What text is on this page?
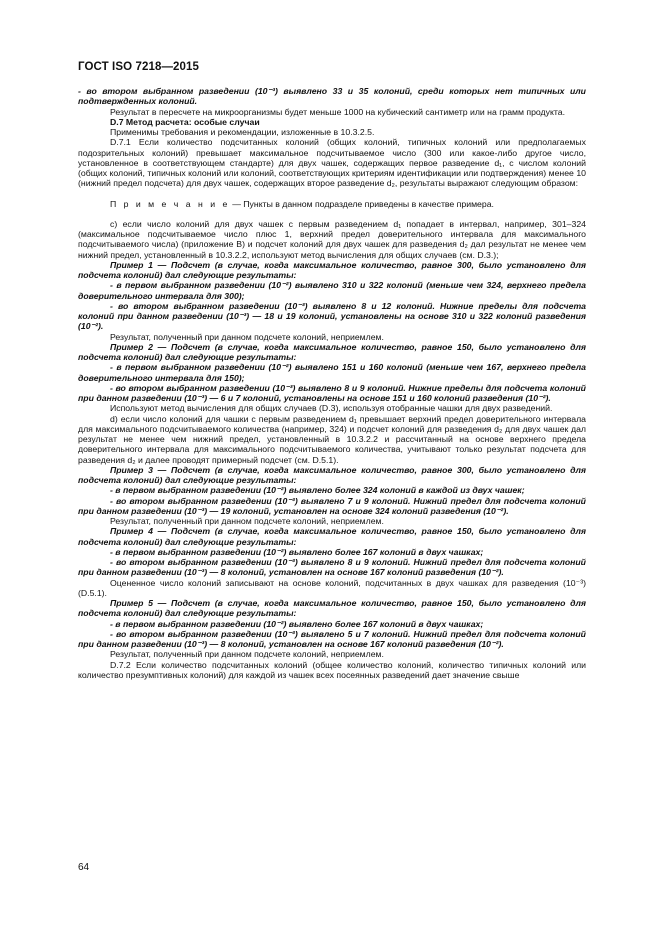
ГОСТ ISO 7218—2015

- во втором выбранном разведении (10⁻³) выявлено 33 и 35 колоний, среди которых нет типичных или подтвержденных колоний.

Результат в пересчете на микроорганизмы будет меньше 1000 на кубический сантиметр или на грамм продукта.

D.7 Метод расчета: особые случаи

Применимы требования и рекомендации, изложенные в 10.3.2.5.

D.7.1 Если количество подсчитанных колоний (общих колоний, типичных колоний или предполагаемых подозрительных колоний) превышает максимальное подсчитываемое число (300 или какое-либо другое число, установленное в соответствующем стандарте) для двух чашек, содержащих первое разведение d₁, с числом колоний (общих колоний, типичных колоний или колоний, соответствующих критериям идентификации или подтверждения) менее 10 (нижний предел подсчета) для двух чашек, содержащих второе разведение d₂, результаты выражают следующим образом:

П р и м е ч а н и е — Пункты в данном подразделе приведены в качестве примера.

c) если число колоний для двух чашек с первым разведением d₁ попадает в интервал, например, 301–324 (максимальное подсчитываемое число плюс 1, верхний предел доверительного интервала для максимального подсчитываемого числа) (приложение В) и подсчет колоний для двух чашек для разведения d₂ дал результат не менее чем нижний предел, установленный в 10.3.2.2, используют метод вычисления для общих случаев (см. D.3.);

Пример 1 — Подсчет (в случае, когда максимальное количество, равное 300, было установлено для подсчета колоний) дал следующие результаты:

- в первом выбранном разведении (10⁻²) выявлено 310 и 322 колоний (меньше чем 324, верхнего предела доверительного интервала для 300);

- во втором выбранном разведении (10⁻³) выявлено 8 и 12 колоний. Нижние пределы для подсчета колоний при данном разведении (10⁻³) — 18 и 19 колоний, установлены на основе 310 и 322 колоний разведения (10⁻²).

Результат, полученный при данном подсчете колоний, неприемлем.

Пример 2 — Подсчет (в случае, когда максимальное количество, равное 150, было установлено для подсчета колоний) дал следующие результаты:

- в первом выбранном разведении (10⁻²) выявлено 151 и 160 колоний (меньше чем 167, верхнего предела доверительного интервала для 150);

- во втором выбранном разведении (10⁻³) выявлено 8 и 9 колоний. Нижние пределы для подсчета колоний при данном разведении (10⁻³) — 6 и 7 колоний, установлены на основе 151 и 160 колоний разведения (10⁻²).

Используют метод вычисления для общих случаев (D.3), используя отобранные чашки для двух разведений.

d) если число колоний для чашки с первым разведением d₁ превышает верхний предел доверительного интервала для максимального подсчитываемого количества (например, 324) и подсчет колоний для разведения d₂ для двух чашек дал результат не менее чем нижний предел, установленный в 10.3.2.2 и рассчитанный на основе верхнего предела доверительного интервала для максимального подсчитываемого количества, учитывают только результат подсчета для разведения d₂ и далее проводят примерный подсчет (см. D.5.1).

Пример 3 — Подсчет (в случае, когда максимальное количество, равное 300, было установлено для подсчета колоний) дал следующие результаты:

- в первом выбранном разведении (10⁻²) выявлено более 324 колоний в каждой из двух чашек;

- во втором выбранном разведении (10⁻³) выявлено 7 и 9 колоний. Нижний предел для подсчета колоний при данном разведении (10⁻³) — 19 колоний, установлен на основе 324 колоний разведения (10⁻²).

Результат, полученный при данном подсчете колоний, неприемлем.

Пример 4 — Подсчет (в случае, когда максимальное количество, равное 150, было установлено для подсчета колоний) дал следующие результаты:

- в первом выбранном разведении (10⁻²) выявлено более 167 колоний в двух чашках;

- во втором выбранном разведении (10⁻³) выявлено 8 и 9 колоний. Нижний предел для подсчета колоний при данном разведении (10⁻³) — 8 колоний, установлен на основе 167 колоний разведения (10⁻²).

Оцененное число колоний записывают на основе колоний, подсчитанных в двух чашках для разведения (10⁻³) (D.5.1).

Пример 5 — Подсчет (в случае, когда максимальное количество, равное 150, было установлено для подсчета колоний) дал следующие результаты:

- в первом выбранном разведении (10⁻²) выявлено более 167 колоний в двух чашках;

- во втором выбранном разведении (10⁻³) выявлено 5 и 7 колоний. Нижний предел для подсчета колоний при данном разведении (10⁻³) — 8 колоний, установлен на основе 167 колоний разведения (10⁻²).

Результат, полученный при данном подсчете колоний, неприемлем.

D.7.2 Если количество подсчитанных колоний (общее количество колоний, количество типичных колоний или количество презумптивных колоний) для каждой из чашек всех посеянных разведений дает значение свыше

64
